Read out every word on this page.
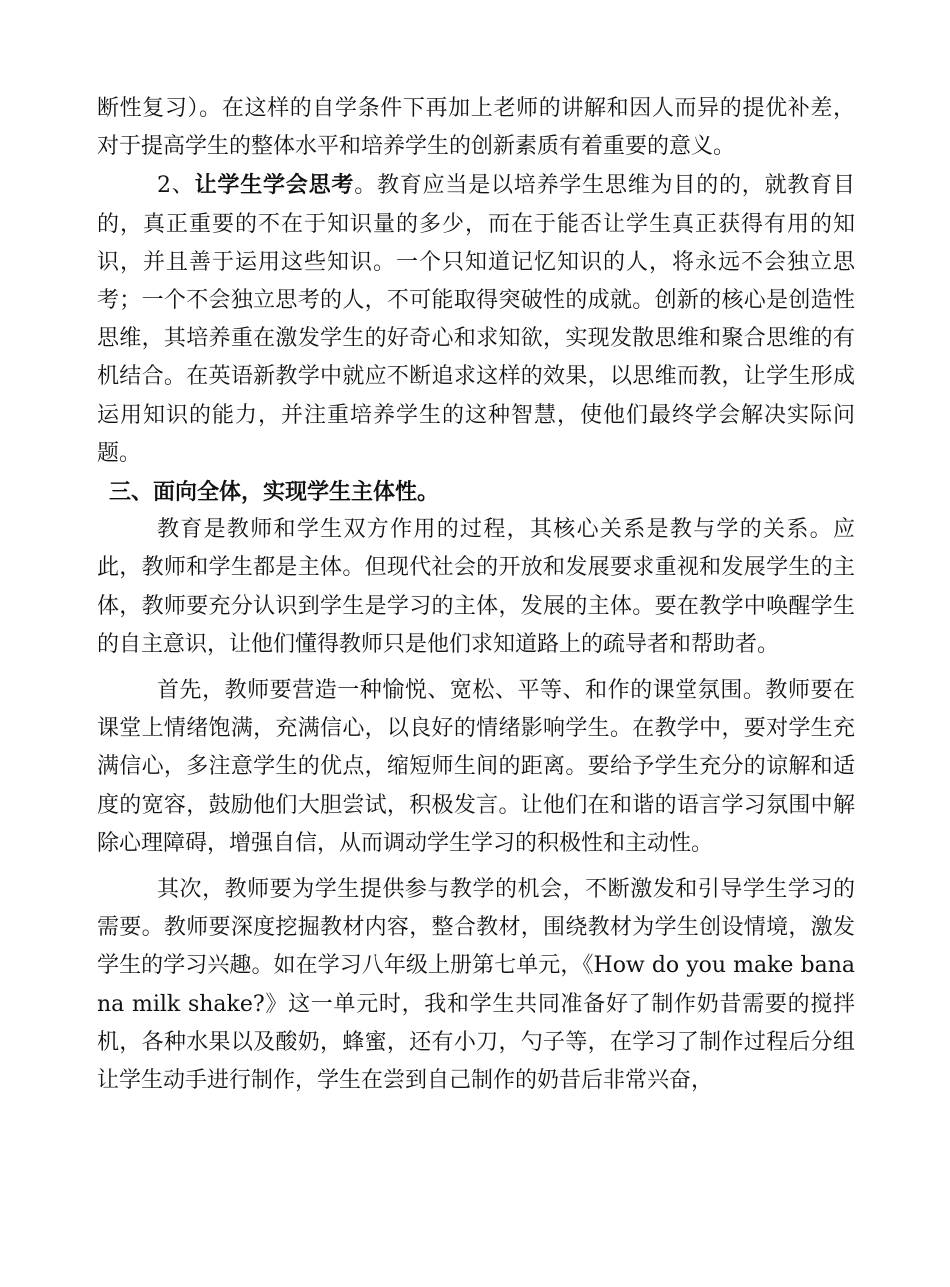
断性复习）。在这样的自学条件下再加上老师的讲解和因人而异的提优补差，对于提高学生的整体水平和培养学生的创新素质有着重要的意义。

2、让学生学会思考。教育应当是以培养学生思维为目的的，就教育目的，真正重要的不在于知识量的多少，而在于能否让学生真正获得有用的知识，并且善于运用这些知识。一个只知道记忆知识的人，将永远不会独立思考；一个不会独立思考的人，不可能取得突破性的成就。创新的核心是创造性思维，其培养重在激发学生的好奇心和求知欲，实现发散思维和聚合思维的有机结合。在英语新教学中就应不断追求这样的效果，以思维而教，让学生形成运用知识的能力，并注重培养学生的这种智慧，使他们最终学会解决实际问题。

三、面向全体，实现学生主体性。

教育是教师和学生双方作用的过程，其核心关系是教与学的关系。应此，教师和学生都是主体。但现代社会的开放和发展要求重视和发展学生的主体，教师要充分认识到学生是学习的主体，发展的主体。要在教学中唤醒学生的自主意识，让他们懂得教师只是他们求知道路上的疏导者和帮助者。

首先，教师要营造一种愉悦、宽松、平等、和作的课堂氛围。教师要在课堂上情绪饱满，充满信心，以良好的情绪影响学生。在教学中，要对学生充满信心，多注意学生的优点，缩短师生间的距离。要给予学生充分的谅解和适度的宽容，鼓励他们大胆尝试，积极发言。让他们在和谐的语言学习氛围中解除心理障碍，增强自信，从而调动学生学习的积极性和主动性。

其次，教师要为学生提供参与教学的机会，不断激发和引导学生学习的需要。教师要深度挖掘教材内容，整合教材，围绕教材为学生创设情境，激发学生的学习兴趣。如在学习八年级上册第七单元，《How do you make banana milk shake?》这一单元时，我和学生共同准备好了制作奶昔需要的搅拌机，各种水果以及酸奶，蜂蜜，还有小刀，勺子等，在学习了制作过程后分组让学生动手进行制作，学生在尝到自己制作的奶昔后非常兴奋，
